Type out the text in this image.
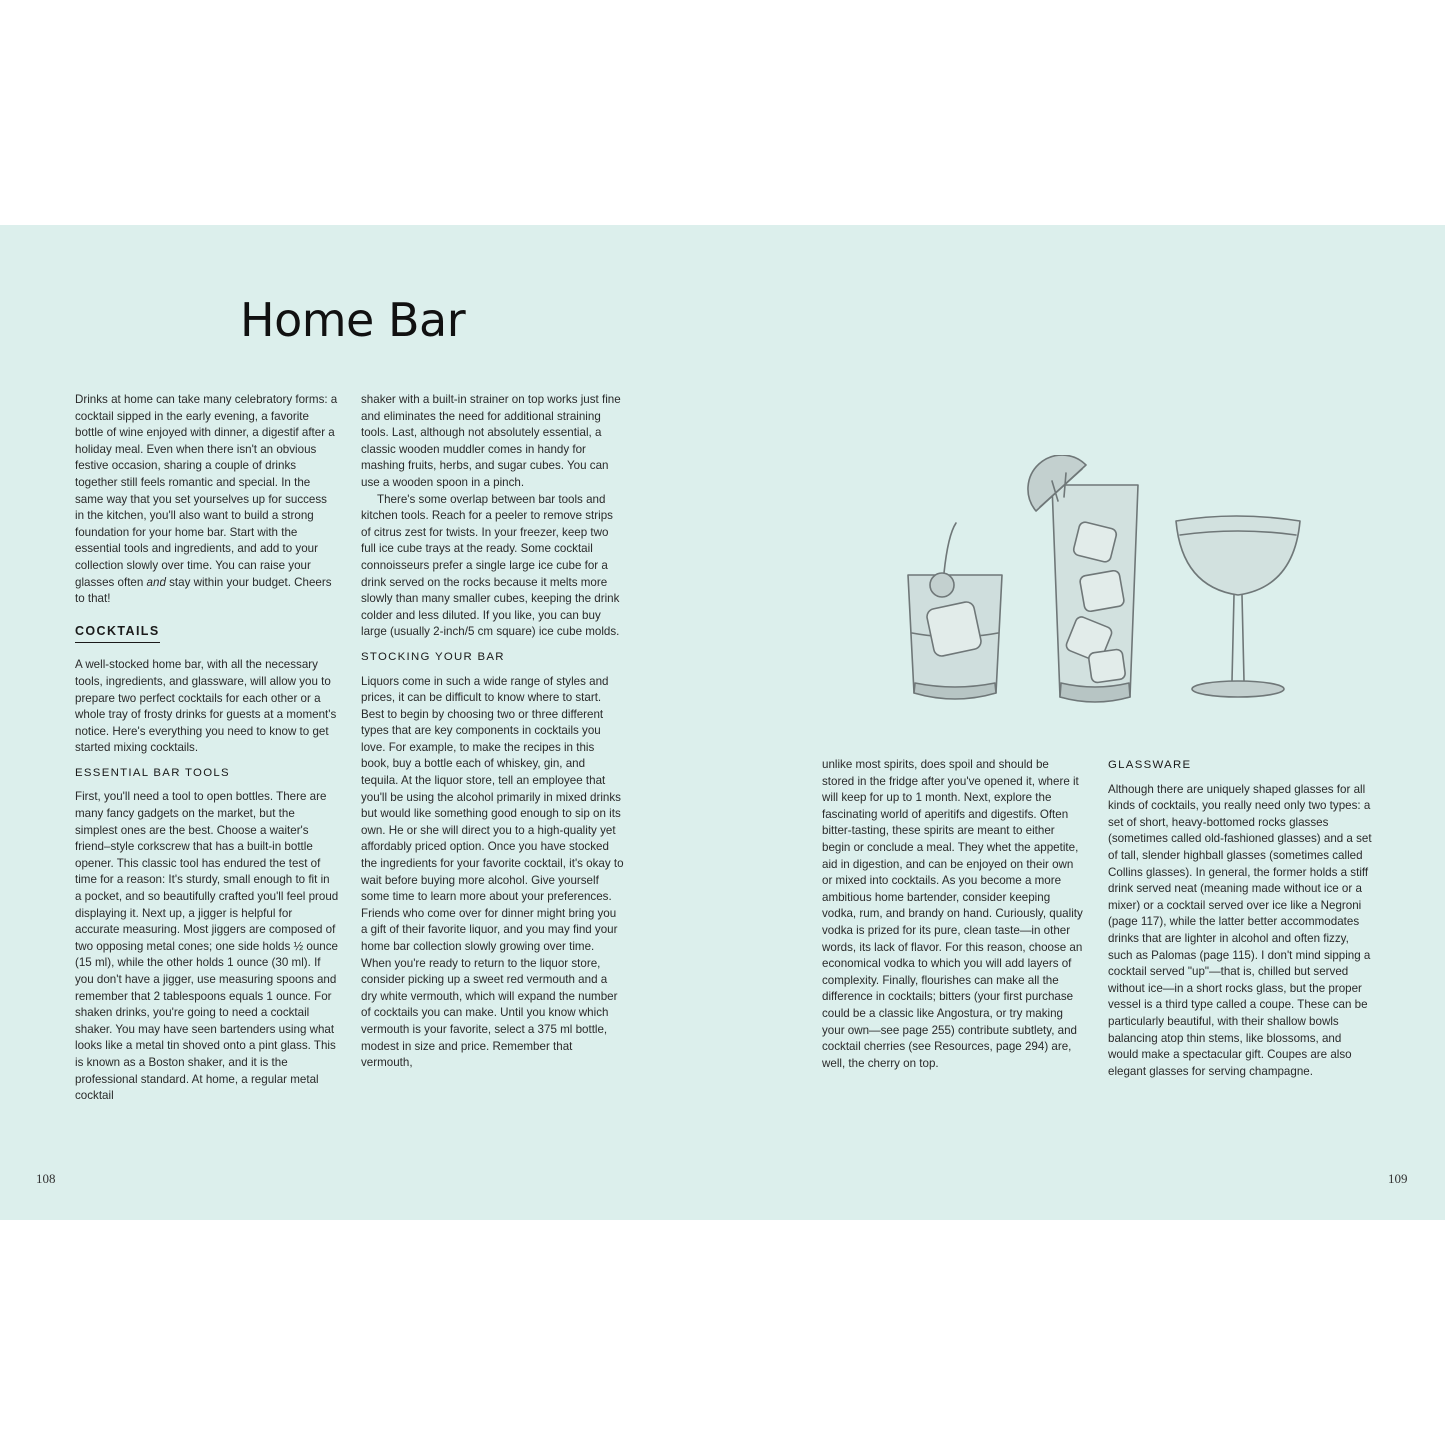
Home Bar

Drinks at home can take many celebratory forms: a cocktail sipped in the early evening, a favorite bottle of wine enjoyed with dinner, a digestif after a holiday meal. Even when there isn't an obvious festive occasion, sharing a couple of drinks together still feels romantic and special. In the same way that you set yourselves up for success in the kitchen, you'll also want to build a strong foundation for your home bar. Start with the essential tools and ingredients, and add to your collection slowly over time. You can raise your glasses often and stay within your budget. Cheers to that!

COCKTAILS

A well-stocked home bar, with all the necessary tools, ingredients, and glassware, will allow you to prepare two perfect cocktails for each other or a whole tray of frosty drinks for guests at a moment's notice. Here's everything you need to know to get started mixing cocktails.

ESSENTIAL BAR TOOLS

First, you'll need a tool to open bottles. There are many fancy gadgets on the market, but the simplest ones are the best. Choose a waiter's friend–style corkscrew that has a built-in bottle opener. This classic tool has endured the test of time for a reason: It's sturdy, small enough to fit in a pocket, and so beautifully crafted you'll feel proud displaying it. Next up, a jigger is helpful for accurate measuring. Most jiggers are composed of two opposing metal cones; one side holds ½ ounce (15 ml), while the other holds 1 ounce (30 ml). If you don't have a jigger, use measuring spoons and remember that 2 tablespoons equals 1 ounce. For shaken drinks, you're going to need a cocktail shaker. You may have seen bartenders using what looks like a metal tin shoved onto a pint glass. This is known as a Boston shaker, and it is the professional standard. At home, a regular metal cocktail

shaker with a built-in strainer on top works just fine and eliminates the need for additional straining tools. Last, although not absolutely essential, a classic wooden muddler comes in handy for mashing fruits, herbs, and sugar cubes. You can use a wooden spoon in a pinch.

There's some overlap between bar tools and kitchen tools. Reach for a peeler to remove strips of citrus zest for twists. In your freezer, keep two full ice cube trays at the ready. Some cocktail connoisseurs prefer a single large ice cube for a drink served on the rocks because it melts more slowly than many smaller cubes, keeping the drink colder and less diluted. If you like, you can buy large (usually 2-inch/5 cm square) ice cube molds.

STOCKING YOUR BAR

Liquors come in such a wide range of styles and prices, it can be difficult to know where to start. Best to begin by choosing two or three different types that are key components in cocktails you love. For example, to make the recipes in this book, buy a bottle each of whiskey, gin, and tequila. At the liquor store, tell an employee that you'll be using the alcohol primarily in mixed drinks but would like something good enough to sip on its own. He or she will direct you to a high-quality yet affordably priced option. Once you have stocked the ingredients for your favorite cocktail, it's okay to wait before buying more alcohol. Give yourself some time to learn more about your preferences. Friends who come over for dinner might bring you a gift of their favorite liquor, and you may find your home bar collection slowly growing over time. When you're ready to return to the liquor store, consider picking up a sweet red vermouth and a dry white vermouth, which will expand the number of cocktails you can make. Until you know which vermouth is your favorite, select a 375 ml bottle, modest in size and price. Remember that vermouth,

unlike most spirits, does spoil and should be stored in the fridge after you've opened it, where it will keep for up to 1 month. Next, explore the fascinating world of aperitifs and digestifs. Often bitter-tasting, these spirits are meant to either begin or conclude a meal. They whet the appetite, aid in digestion, and can be enjoyed on their own or mixed into cocktails. As you become a more ambitious home bartender, consider keeping vodka, rum, and brandy on hand. Curiously, quality vodka is prized for its pure, clean taste—in other words, its lack of flavor. For this reason, choose an economical vodka to which you will add layers of complexity. Finally, flourishes can make all the difference in cocktails; bitters (your first purchase could be a classic like Angostura, or try making your own—see page 255) contribute subtlety, and cocktail cherries (see Resources, page 294) are, well, the cherry on top.

GLASSWARE

Although there are uniquely shaped glasses for all kinds of cocktails, you really need only two types: a set of short, heavy-bottomed rocks glasses (sometimes called old-fashioned glasses) and a set of tall, slender highball glasses (sometimes called Collins glasses). In general, the former holds a stiff drink served neat (meaning made without ice or a mixer) or a cocktail served over ice like a Negroni (page 117), while the latter better accommodates drinks that are lighter in alcohol and often fizzy, such as Palomas (page 115). I don't mind sipping a cocktail served "up"—that is, chilled but served without ice—in a short rocks glass, but the proper vessel is a third type called a coupe. These can be particularly beautiful, with their shallow bowls balancing atop thin stems, like blossoms, and would make a spectacular gift. Coupes are also elegant glasses for serving champagne.

108	109
